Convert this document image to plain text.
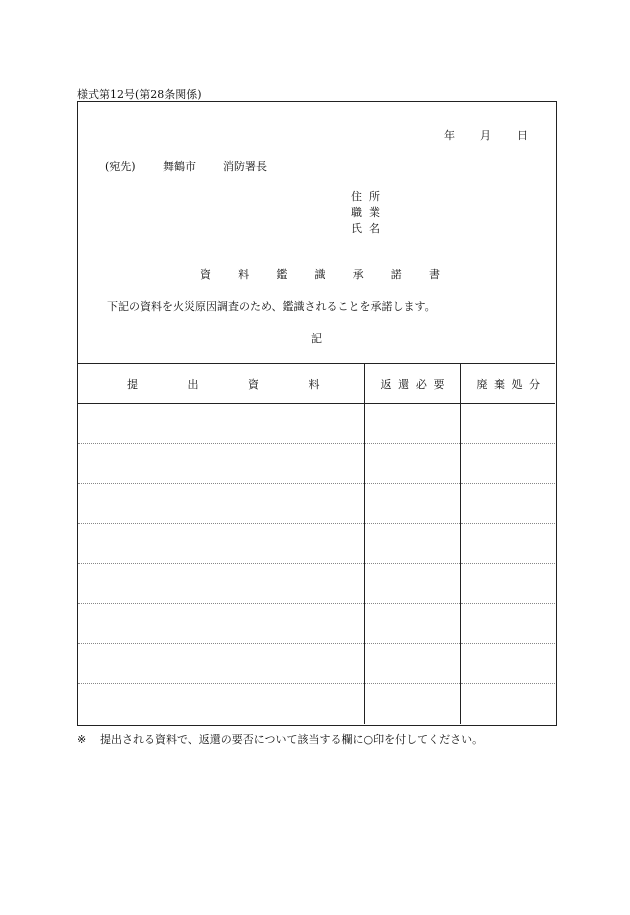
様式第12号(第28条関係)
年 月 日
(宛先) 舞鶴市 消防署長
住所
職業
氏名
資 料 鑑 識 承 諾 書
下記の資料を火災原因調査のため、鑑識されることを承諾します。
記
提 出 資 料	返 還 必 要	廃 棄 処 分

※ 提出される資料で、返還の要否について該当する欄に○印を付してください。
